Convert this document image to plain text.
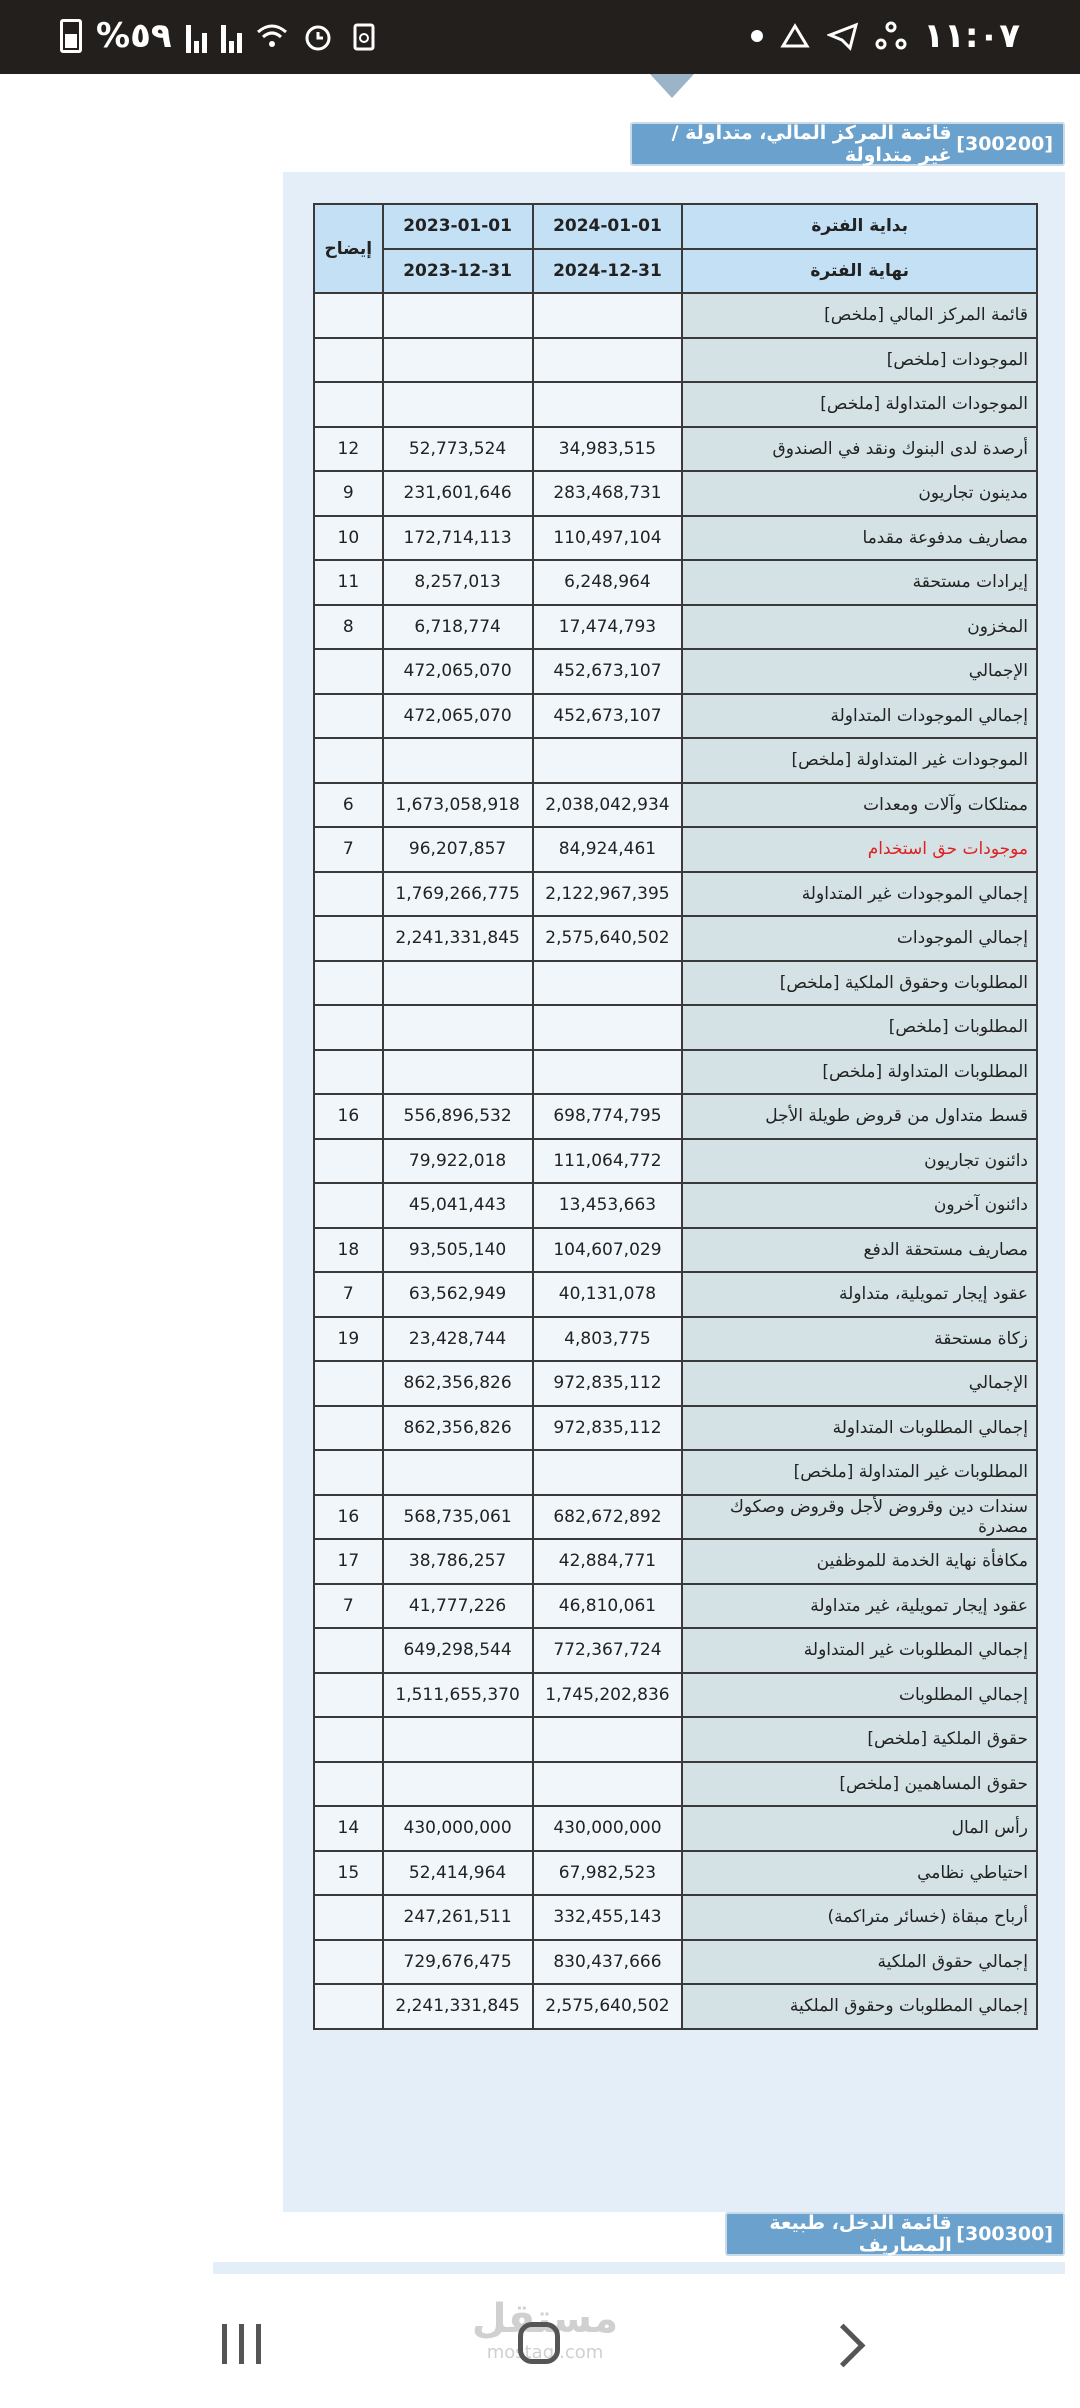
%٥٩	١١:٠٧
[300200]
قائمة المركز المالي، متداولة / غير متداولة
بداية الفترة	2024-01-01	2023-01-01	إيضاح
نهاية الفترة	2024-12-31	2023-12-31	
قائمة المركز المالي [ملخص]			
الموجودات [ملخص]			
الموجودات المتداولة [ملخص]			
أرصدة لدى البنوك ونقد في الصندوق	34,983,515	52,773,524	12
مدينون تجاريون	283,468,731	231,601,646	9
مصاريف مدفوعة مقدما	110,497,104	172,714,113	10
إيرادات مستحقة	6,248,964	8,257,013	11
المخزون	17,474,793	6,718,774	8
الإجمالي	452,673,107	472,065,070	
إجمالي الموجودات المتداولة	452,673,107	472,065,070	
الموجودات غير المتداولة [ملخص]			
ممتلكات وآلات ومعدات	2,038,042,934	1,673,058,918	6
موجودات حق استخدام	84,924,461	96,207,857	7
إجمالي الموجودات غير المتداولة	2,122,967,395	1,769,266,775	
إجمالي الموجودات	2,575,640,502	2,241,331,845	
المطلوبات وحقوق الملكية [ملخص]			
المطلوبات [ملخص]			
المطلوبات المتداولة [ملخص]			
قسط متداول من قروض طويلة الأجل	698,774,795	556,896,532	16
دائنون تجاريون	111,064,772	79,922,018	
دائنون آخرون	13,453,663	45,041,443	
مصاريف مستحقة الدفع	104,607,029	93,505,140	18
عقود إيجار تمويلية، متداولة	40,131,078	63,562,949	7
زكاة مستحقة	4,803,775	23,428,744	19
الإجمالي	972,835,112	862,356,826	
إجمالي المطلوبات المتداولة	972,835,112	862,356,826	
المطلوبات غير المتداولة [ملخص]			
سندات دين وقروض لأجل وقروض وصكوك مصدرة	682,672,892	568,735,061	16
مكافأة نهاية الخدمة للموظفين	42,884,771	38,786,257	17
عقود إيجار تمويلية، غير متداولة	46,810,061	41,777,226	7
إجمالي المطلوبات غير المتداولة	772,367,724	649,298,544	
إجمالي المطلوبات	1,745,202,836	1,511,655,370	
حقوق الملكية [ملخص]			
حقوق المساهمين [ملخص]			
رأس المال	430,000,000	430,000,000	14
احتياطي نظامي	67,982,523	52,414,964	15
أرباح مبقاة (خسائر متراكمة)	332,455,143	247,261,511	
إجمالي حقوق الملكية	830,437,666	729,676,475	
إجمالي المطلوبات وحقوق الملكية	2,575,640,502	2,241,331,845	
[300300]
قائمة الدخل، طبيعة المصاريف
مستقل
mostaql.com
